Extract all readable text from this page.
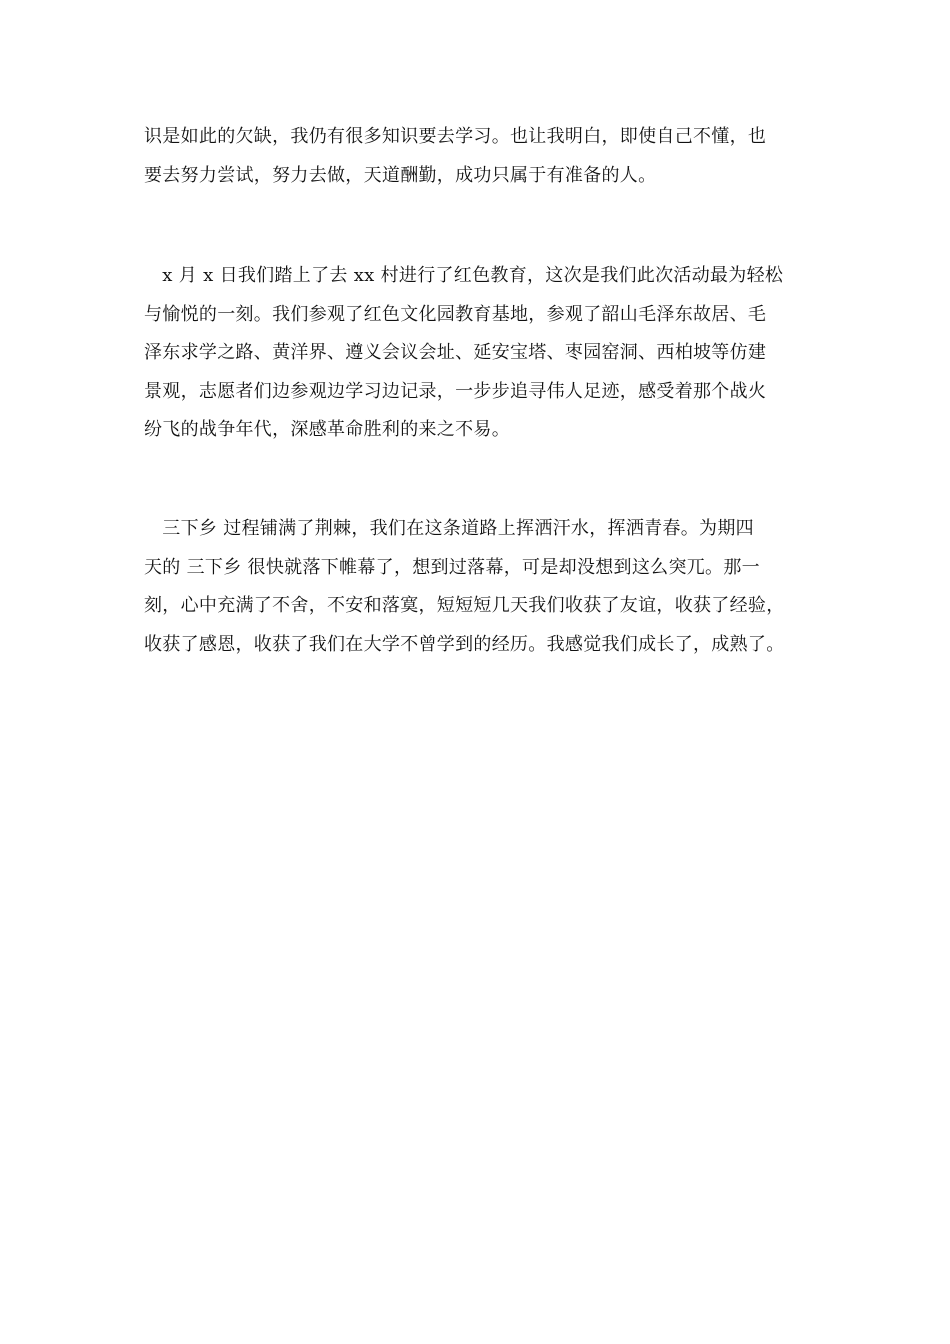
识是如此的欠缺，我仍有很多知识要去学习。也让我明白，即使自己不懂，也
要去努力尝试，努力去做，天道酬勤，成功只属于有准备的人。
　x 月 x 日我们踏上了去 xx 村进行了红色教育，这次是我们此次活动最为轻松
与愉悦的一刻。我们参观了红色文化园教育基地，参观了韶山毛泽东故居、毛
泽东求学之路、黄洋界、遵义会议会址、延安宝塔、枣园窑洞、西柏坡等仿建
景观，志愿者们边参观边学习边记录，一步步追寻伟人足迹，感受着那个战火
纷飞的战争年代，深感革命胜利的来之不易。
　三下乡 过程铺满了荆棘，我们在这条道路上挥洒汗水，挥洒青春。为期四
天的 三下乡 很快就落下帷幕了，想到过落幕，可是却没想到这么突兀。那一
刻，心中充满了不舍，不安和落寞，短短短几天我们收获了友谊，收获了经验，
收获了感恩，收获了我们在大学不曾学到的经历。我感觉我们成长了，成熟了。
